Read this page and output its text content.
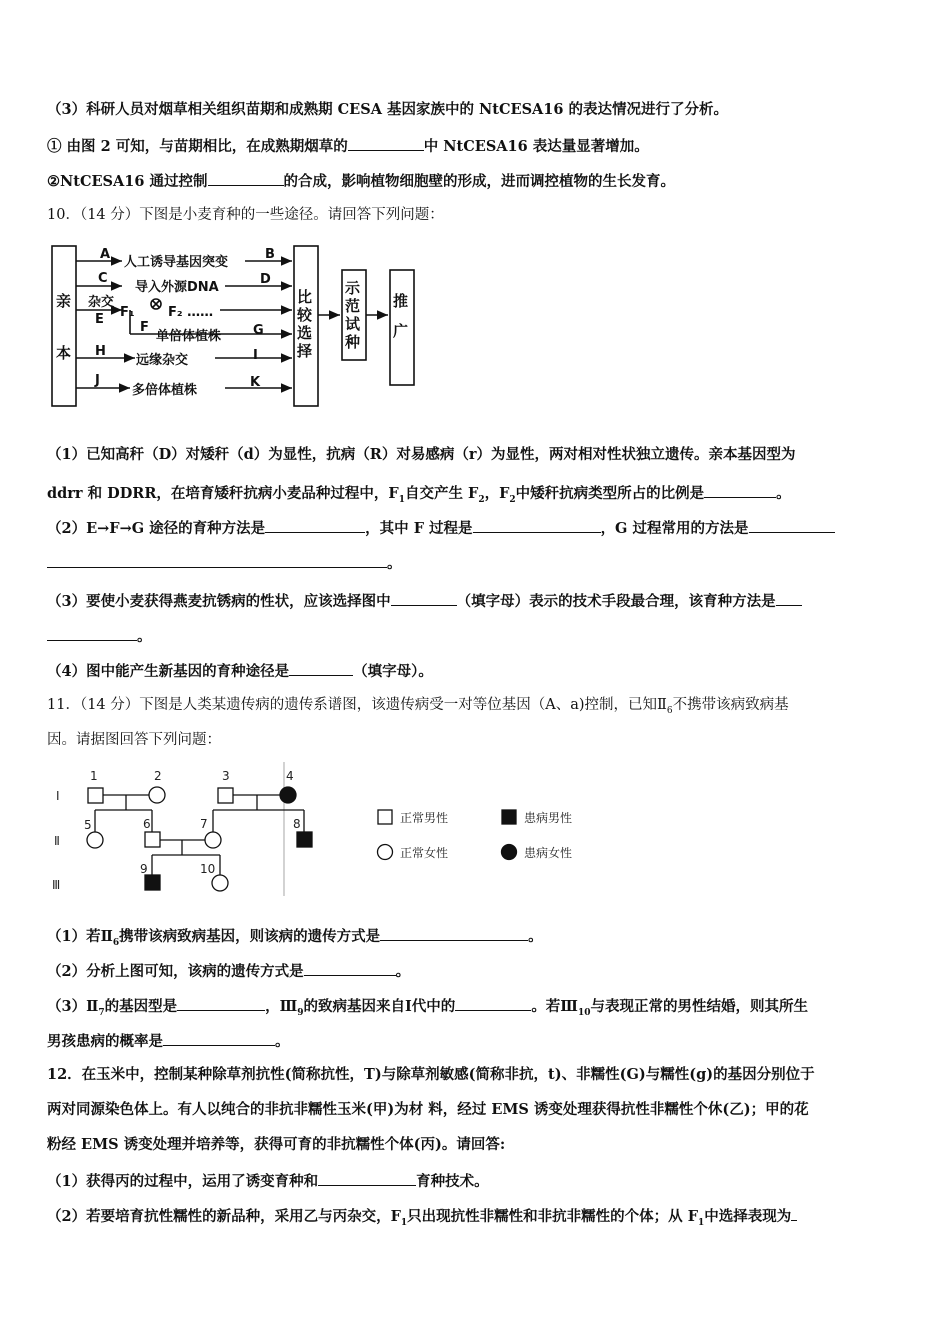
（3）科研人员对烟草相关组织苗期和成熟期 CESA 基因家族中的 NtCESA16 的表达情况进行了分析。
① 由图 2 可知，与苗期相比，在成熟期烟草的	中 NtCESA16 表达量显著增加。
②NtCESA16 通过控制	的合成，影响植物细胞壁的形成，进而调控植物的生长发育。
10．（14 分）下图是小麦育种的一些途径。请回答下列问题：
亲
本
比
较
选
择
示
范
试
种
推
广
A
人工诱导基因突变
B
C
导入外源DNA
D
杂交
F₁	F₂ ……
E
F
单倍体植株 G
H
远缘杂交	I
J
多倍体植株
K
（1）已知高秆（D）对矮秆（d）为显性，抗病（R）对易感病（r）为显性，两对相对性状独立遗传。亲本基因型为
ddrr 和 DDRR，在培育矮秆抗病小麦品种过程中，$F_1$自交产生 $F_2$，$F_2$中矮秆抗病类型所占的比例是	。
（2）E→F→G 途径的育种方法是	，其中 F 过程是	，G 过程常用的方法是
。
（3）要使小麦获得燕麦抗锈病的性状，应该选择图中	（填字母）表示的技术手段最合理，该育种方法是
。
（4）图中能产生新基因的育种途径是	（填字母）。
11．（14 分）下图是人类某遗传病的遗传系谱图，该遗传病受一对等位基因（A、a)控制，已知$Ⅱ_6$不携带该病致病基
因。请据图回答下列问题：
Ⅰ
Ⅱ
Ⅲ
1	2	3	4
5	6	7	8
9	10
正常男性	患病男性
正常女性	患病女性
（1）若$Ⅱ_6$携带该病致病基因，则该病的遗传方式是	。
（2）分析上图可知，该病的遗传方式是	。
$(3)Ⅱ_7$的基因型是	，$Ⅲ_9$的致病基因来自Ⅰ代中的	。若$Ⅲ_{10}$与表现正常的男性结婚，则其所生
男孩患病的概率是	。
12．在玉米中，控制某种除草剂抗性(简称抗性，T)与除草剂敏感(简称非抗，t)、非糯性(G)与糯性(g)的基因分别位于
两对同源染色体上。有人以纯合的非抗非糯性玉米(甲)为材 料，经过 EMS 诱变处理获得抗性非糯性个休(乙)；甲的花
粉经 EMS 诱变处理并培养等，获得可育的非抗糯性个体(丙)。请回答:
（1）获得丙的过程中，运用了诱变育种和	育种技术。
（2）若要培育抗性糯性的新品种，采用乙与丙杂交，$F_1$只出现抗性非糯性和非抗非糯性的个体；从 $F_1$中选择表现为
